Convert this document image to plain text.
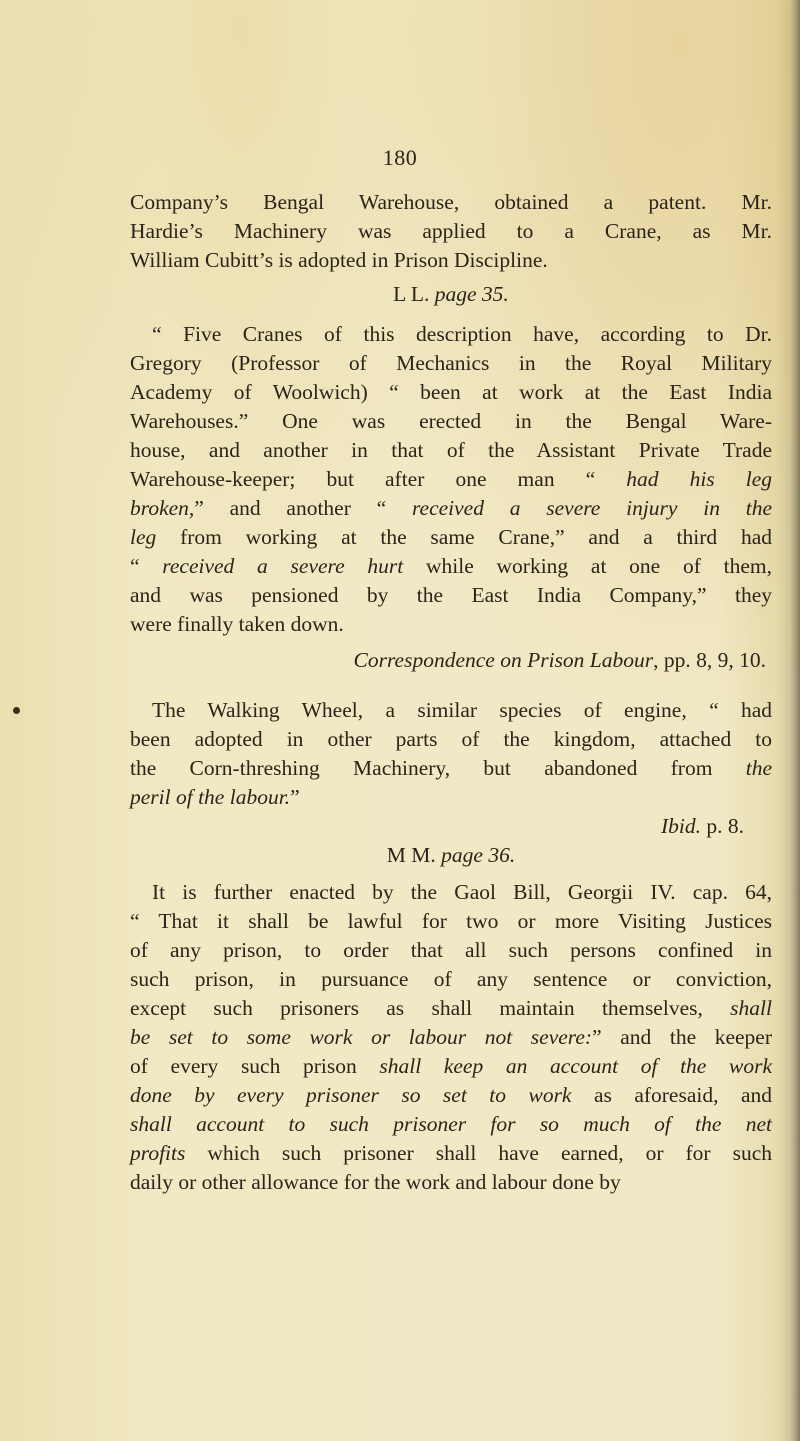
180
Company’s Bengal Warehouse, obtained a patent. Mr.
Hardie’s Machinery was applied to a Crane, as Mr.
William Cubitt’s is adopted in Prison Discipline.
L L. page 35.
“ Five Cranes of this description have, according to Dr.
Gregory (Professor of Mechanics in the Royal Military
Academy of Woolwich) “ been at work at the East India
Warehouses.” One was erected in the Bengal Ware-
house, and another in that of the Assistant Private Trade
Warehouse-keeper; but after one man “ had his leg
broken,” and another “ received a severe injury in the
leg from working at the same Crane,” and a third had
“ received a severe hurt while working at one of them,
and was pensioned by the East India Company,” they
were finally taken down.
Correspondence on Prison Labour, pp. 8, 9, 10.
The Walking Wheel, a similar species of engine, “ had
been adopted in other parts of the kingdom, attached to
the Corn-threshing Machinery, but abandoned from the
peril of the labour.”
Ibid. p. 8.
M M. page 36.
It is further enacted by the Gaol Bill, Georgii IV. cap. 64,
“ That it shall be lawful for two or more Visiting Justices
of any prison, to order that all such persons confined in
such prison, in pursuance of any sentence or conviction,
except such prisoners as shall maintain themselves, shall
be set to some work or labour not severe:” and the keeper
of every such prison shall keep an account of the work
done by every prisoner so set to work as aforesaid, and
shall account to such prisoner for so much of the net
profits which such prisoner shall have earned, or for such
daily or other allowance for the work and labour done by
